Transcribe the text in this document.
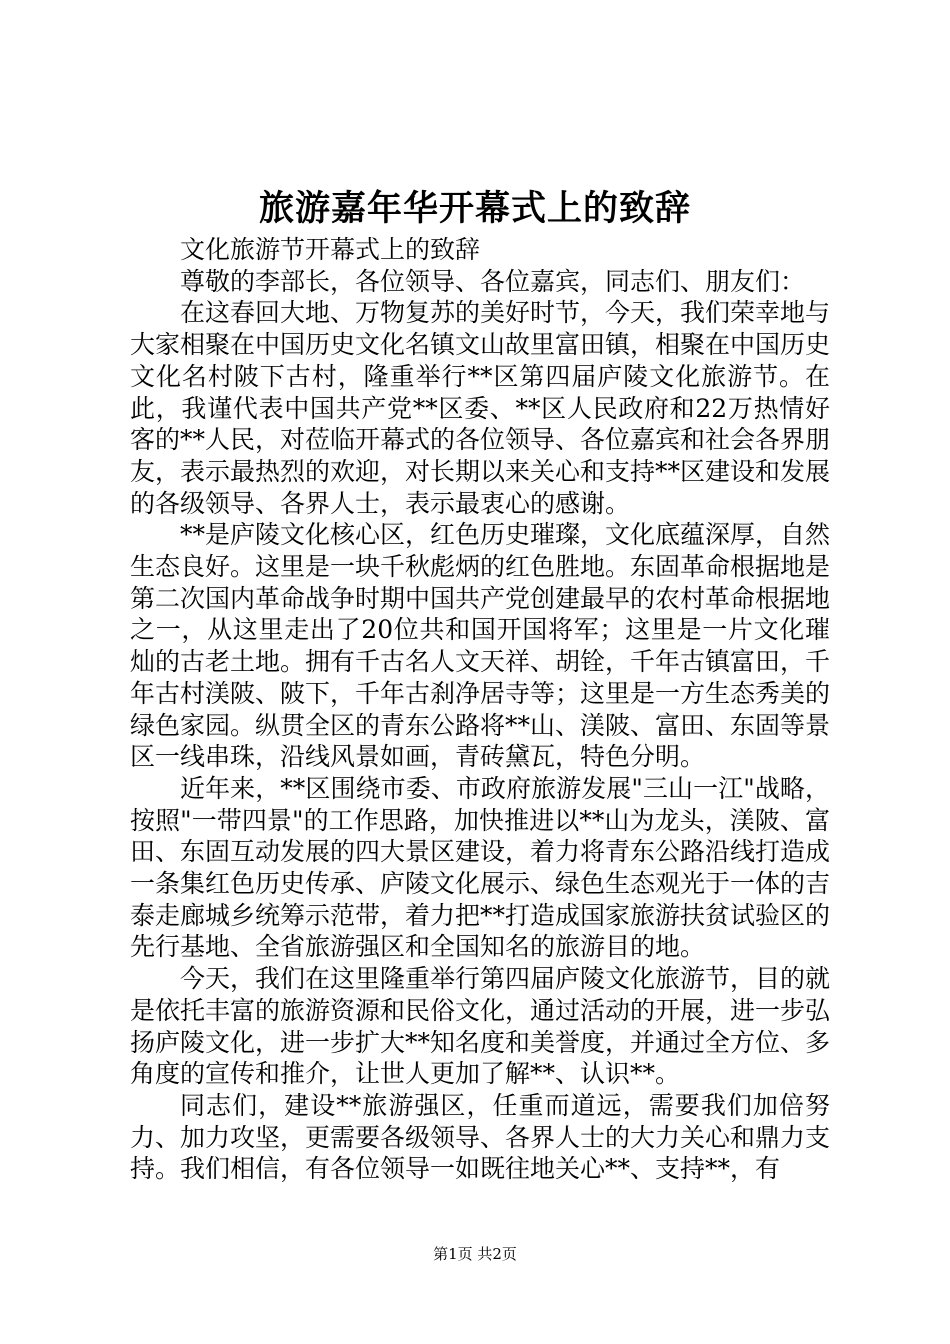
旅游嘉年华开幕式上的致辞

文化旅游节开幕式上的致辞

尊敬的李部长，各位领导、各位嘉宾，同志们、朋友们：

在这春回大地、万物复苏的美好时节，今天，我们荣幸地与大家相聚在中国历史文化名镇文山故里富田镇，相聚在中国历史文化名村陂下古村，隆重举行**区第四届庐陵文化旅游节。在此，我谨代表中国共产党**区委、**区人民政府和22万热情好客的**人民，对莅临开幕式的各位领导、各位嘉宾和社会各界朋友，表示最热烈的欢迎，对长期以来关心和支持**区建设和发展的各级领导、各界人士，表示最衷心的感谢。

**是庐陵文化核心区，红色历史璀璨，文化底蕴深厚，自然生态良好。这里是一块千秋彪炳的红色胜地。东固革命根据地是第二次国内革命战争时期中国共产党创建最早的农村革命根据地之一，从这里走出了20位共和国开国将军；这里是一片文化璀灿的古老土地。拥有千古名人文天祥、胡铨，千年古镇富田，千年古村渼陂、陂下，千年古刹净居寺等；这里是一方生态秀美的绿色家园。纵贯全区的青东公路将**山、渼陂、富田、东固等景区一线串珠，沿线风景如画，青砖黛瓦，特色分明。

近年来，**区围绕市委、市政府旅游发展"三山一江"战略，按照"一带四景"的工作思路，加快推进以**山为龙头，渼陂、富田、东固互动发展的四大景区建设，着力将青东公路沿线打造成一条集红色历史传承、庐陵文化展示、绿色生态观光于一体的吉泰走廊城乡统筹示范带，着力把**打造成国家旅游扶贫试验区的先行基地、全省旅游强区和全国知名的旅游目的地。

今天，我们在这里隆重举行第四届庐陵文化旅游节，目的就是依托丰富的旅游资源和民俗文化，通过活动的开展，进一步弘扬庐陵文化，进一步扩大**知名度和美誉度，并通过全方位、多角度的宣传和推介，让世人更加了解**、认识**。

同志们，建设**旅游强区，任重而道远，需要我们加倍努力、加力攻坚，更需要各级领导、各界人士的大力关心和鼎力支持。我们相信，有各位领导一如既往地关心**、支持**，有

第1页 共2页
